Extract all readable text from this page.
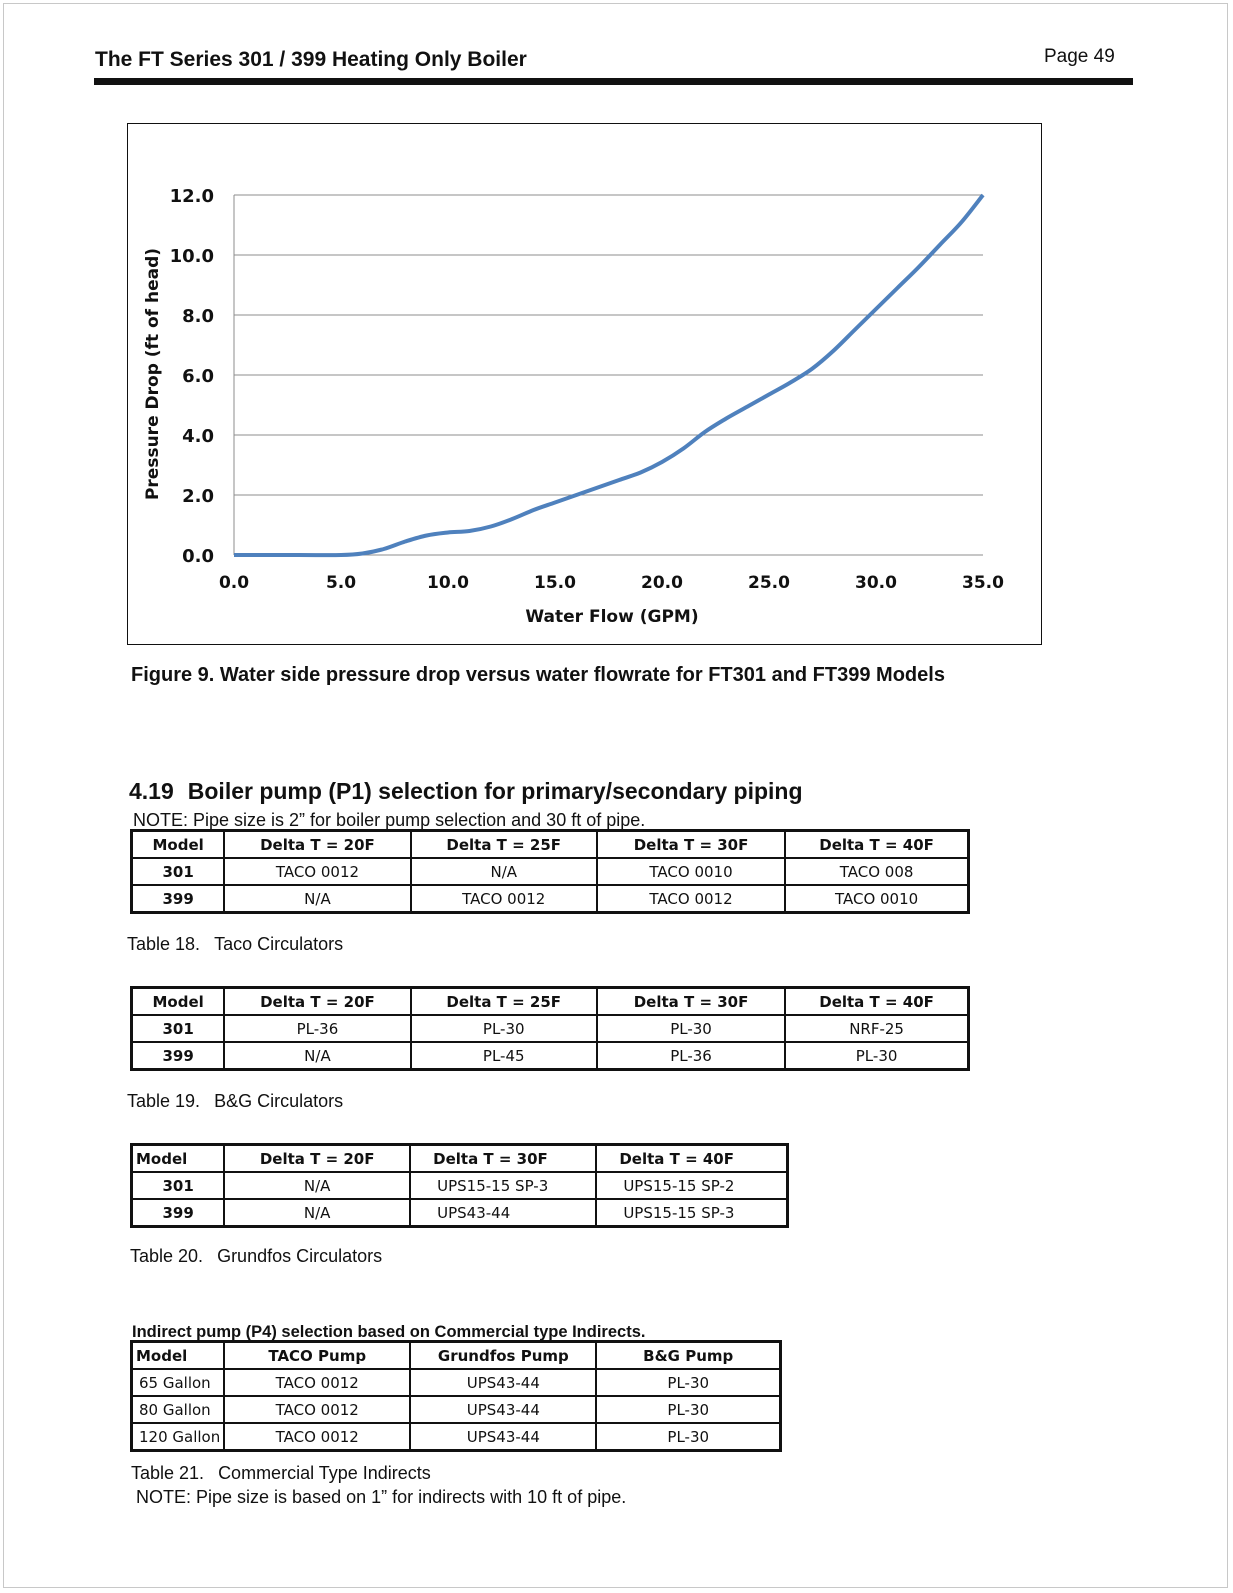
The FT Series 301 / 399 Heating Only Boiler	Page 49
0.0
2.0
4.0
6.0
8.0
10.0
12.0
0.0	5.0	10.0	15.0	20.0	25.0	30.0	35.0
Water Flow (GPM)
Pressure Drop (ft of head)
Figure 9. Water side pressure drop versus water flowrate for FT301 and FT399 Models
4.19 Boiler pump (P1) selection for primary/secondary piping
NOTE: Pipe size is 2” for boiler pump selection and 30 ft of pipe.
Model	Delta T = 20F	Delta T = 25F	Delta T = 30F	Delta T = 40F
301	TACO 0012	N/A	TACO 0010	TACO 008
399	N/A	TACO 0012	TACO 0012	TACO 0010
Table 18. Taco Circulators
Model	Delta T = 20F	Delta T = 25F	Delta T = 30F	Delta T = 40F
301	PL-36	PL-30	PL-30	NRF-25
399	N/A	PL-45	PL-36	PL-30
Table 19. B&G Circulators
Model	Delta T = 20F	Delta T = 30F	Delta T = 40F
301	N/A	UPS15-15 SP-3	UPS15-15 SP-2
399	N/A	UPS43-44	UPS15-15 SP-3
Table 20. Grundfos Circulators
Indirect pump (P4) selection based on Commercial type Indirects.
Model	TACO Pump	Grundfos Pump	B&G Pump
65 Gallon	TACO 0012	UPS43-44	PL-30
80 Gallon	TACO 0012	UPS43-44	PL-30
120 Gallon	TACO 0012	UPS43-44	PL-30
Table 21. Commercial Type Indirects
NOTE: Pipe size is based on 1” for indirects with 10 ft of pipe.
